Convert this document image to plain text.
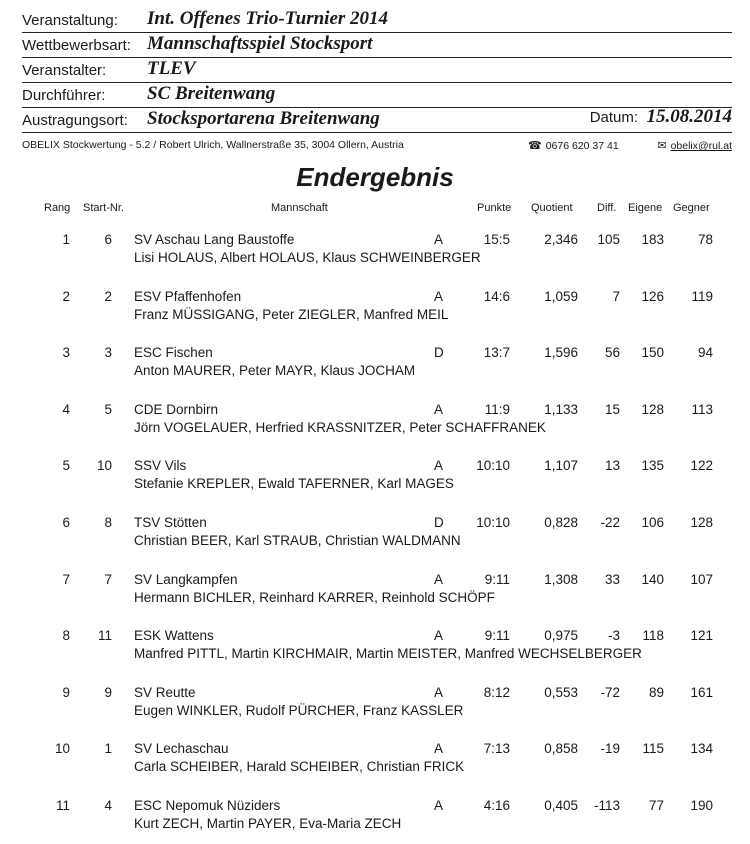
Veranstaltung: Int. Offenes Trio-Turnier 2014
Wettbewerbsart: Mannschaftsspiel Stocksport
Veranstalter: TLEV
Durchführer: SC Breitenwang
Austragungsort: Stocksportarena Breitenwang	Datum: 15.08.2014
OBELIX Stockwertung - 5.2 / Robert Ulrich, Wallnerstraße 35, 3004 Ollern, Austria	☎ 0676 620 37 41	✉ obelix@rul.at
Endergebnis
Rang Start-Nr.	Mannschaft	Punkte Quotient Diff. Eigene Gegner
1	6 SV Aschau Lang Baustoffe	A	15:5	2,346	105	183	78
Lisi HOLAUS, Albert HOLAUS, Klaus SCHWEINBERGER
2	2 ESV Pfaffenhofen	A	14:6	1,059	7	126	119
Franz MÜSSIGANG, Peter ZIEGLER, Manfred MEIL
3	3 ESC Fischen	D	13:7	1,596	56	150	94
Anton MAURER, Peter MAYR, Klaus JOCHAM
4	5 CDE Dornbirn	A	11:9	1,133	15	128	113
Jörn VOGELAUER, Herfried KRASSNITZER, Peter SCHAFFRANEK
5	10 SSV Vils	A	10:10	1,107	13	135	122
Stefanie KREPLER, Ewald TAFERNER, Karl MAGES
6	8 TSV Stötten	D	10:10	0,828	-22	106	128
Christian BEER, Karl STRAUB, Christian WALDMANN
7	7 SV Langkampfen	A	9:11	1,308	33	140	107
Hermann BICHLER, Reinhard KARRER, Reinhold SCHÖPF
8	11 ESK Wattens	A	9:11	0,975	-3	118	121
Manfred PITTL, Martin KIRCHMAIR, Martin MEISTER, Manfred WECHSELBERGER
9	9 SV Reutte	A	8:12	0,553	-72	89	161
Eugen WINKLER, Rudolf PÜRCHER, Franz KASSLER
10	1 SV Lechaschau	A	7:13	0,858	-19	115	134
Carla SCHEIBER, Harald SCHEIBER, Christian FRICK
11	4 ESC Nepomuk Nüziders	A	4:16	0,405	-113	77	190
Kurt ZECH, Martin PAYER, Eva-Maria ZECH
